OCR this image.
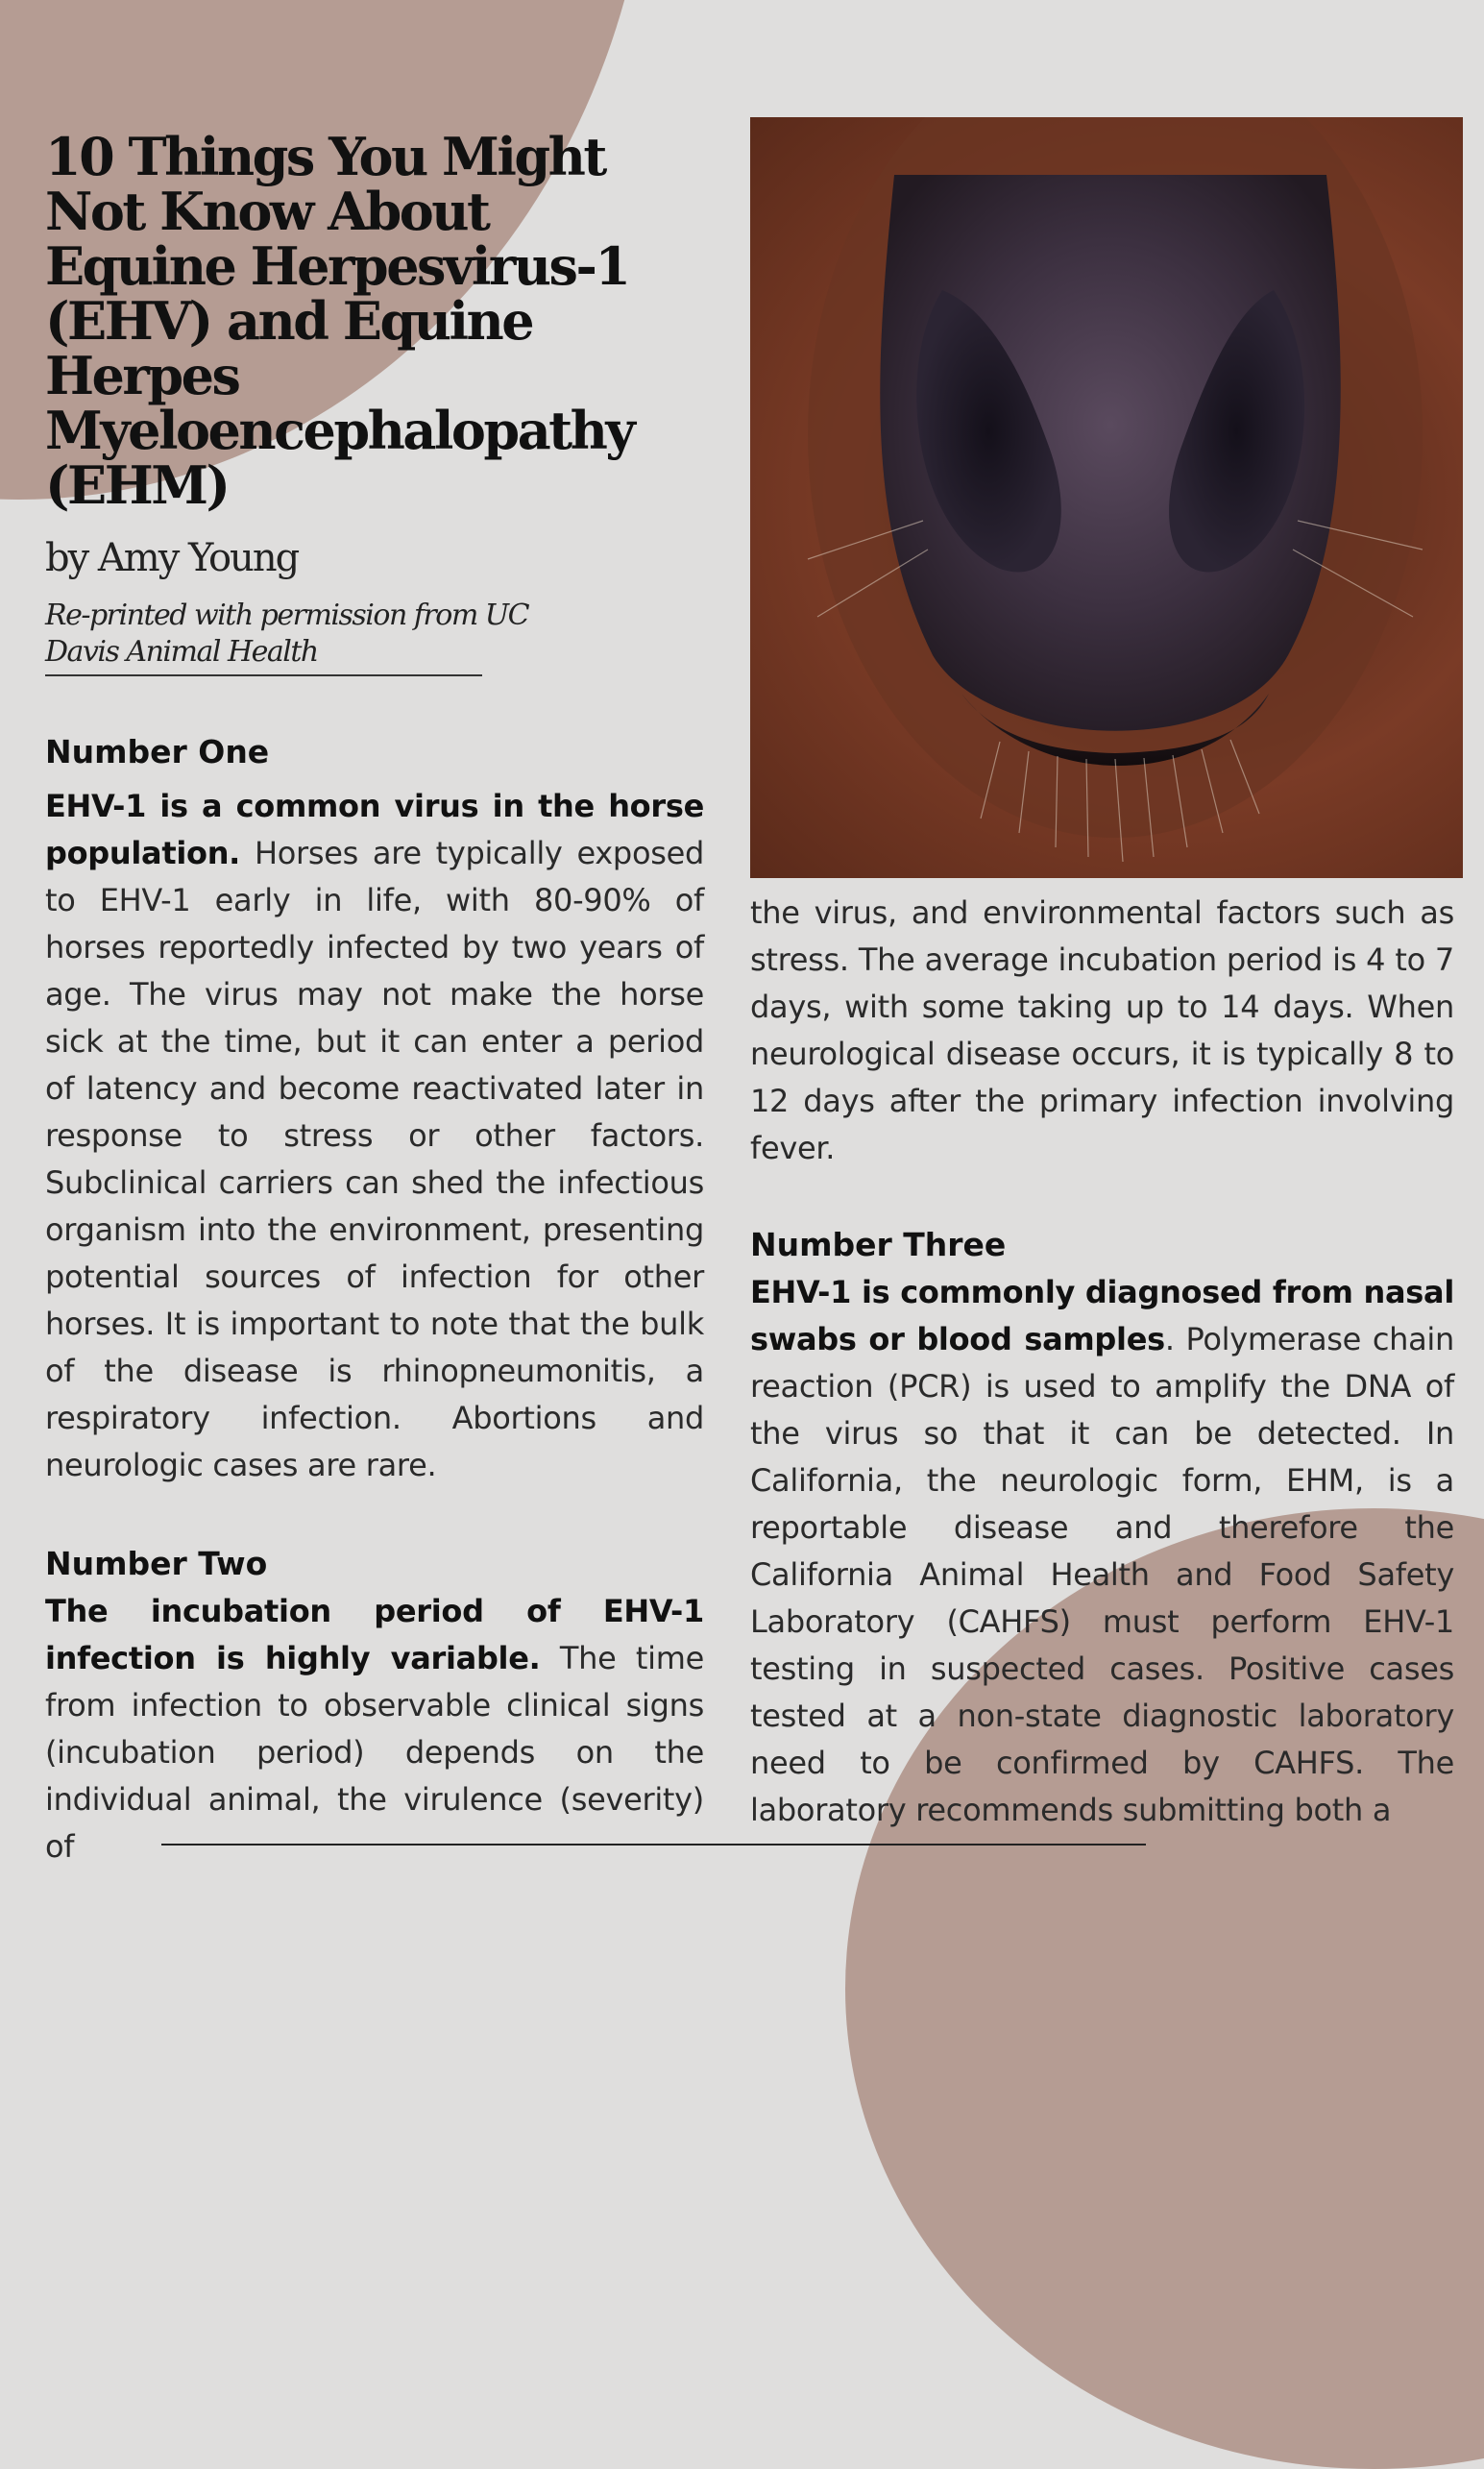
10 Things You Might Not Know About Equine Herpesvirus-1 (EHV) and Equine Herpes Myeloencephalopathy (EHM)

by Amy Young

Re-printed with permission from UC Davis Animal Health

Number One

EHV-1 is a common virus in the horse population. Horses are typically exposed to EHV-1 early in life, with 80-90% of horses reportedly infected by two years of age. The virus may not make the horse sick at the time, but it can enter a period of latency and become reactivated later in response to stress or other factors. Subclinical carriers can shed the infectious organism into the environment, presenting potential sources of infection for other horses. It is important to note that the bulk of the disease is rhinopneumonitis, a respiratory infection. Abortions and neurologic cases are rare.

Number Two

The incubation period of EHV-1 infection is highly variable. The time from infection to observable clinical signs (incubation period) depends on the individual animal, the virulence (severity) of

the virus, and environmental factors such as stress. The average incubation period is 4 to 7 days, with some taking up to 14 days. When neurological disease occurs, it is typically 8 to 12 days after the primary infection involving fever.

Number Three

EHV-1 is commonly diagnosed from nasal swabs or blood samples. Polymerase chain reaction (PCR) is used to amplify the DNA of the virus so that it can be detected. In California, the neurologic form, EHM, is a reportable disease and therefore the California Animal Health and Food Safety Laboratory (CAHFS) must perform EHV-1 testing in suspected cases. Positive cases tested at a non-state diagnostic laboratory need to be confirmed by CAHFS. The laboratory recommends submitting both a
